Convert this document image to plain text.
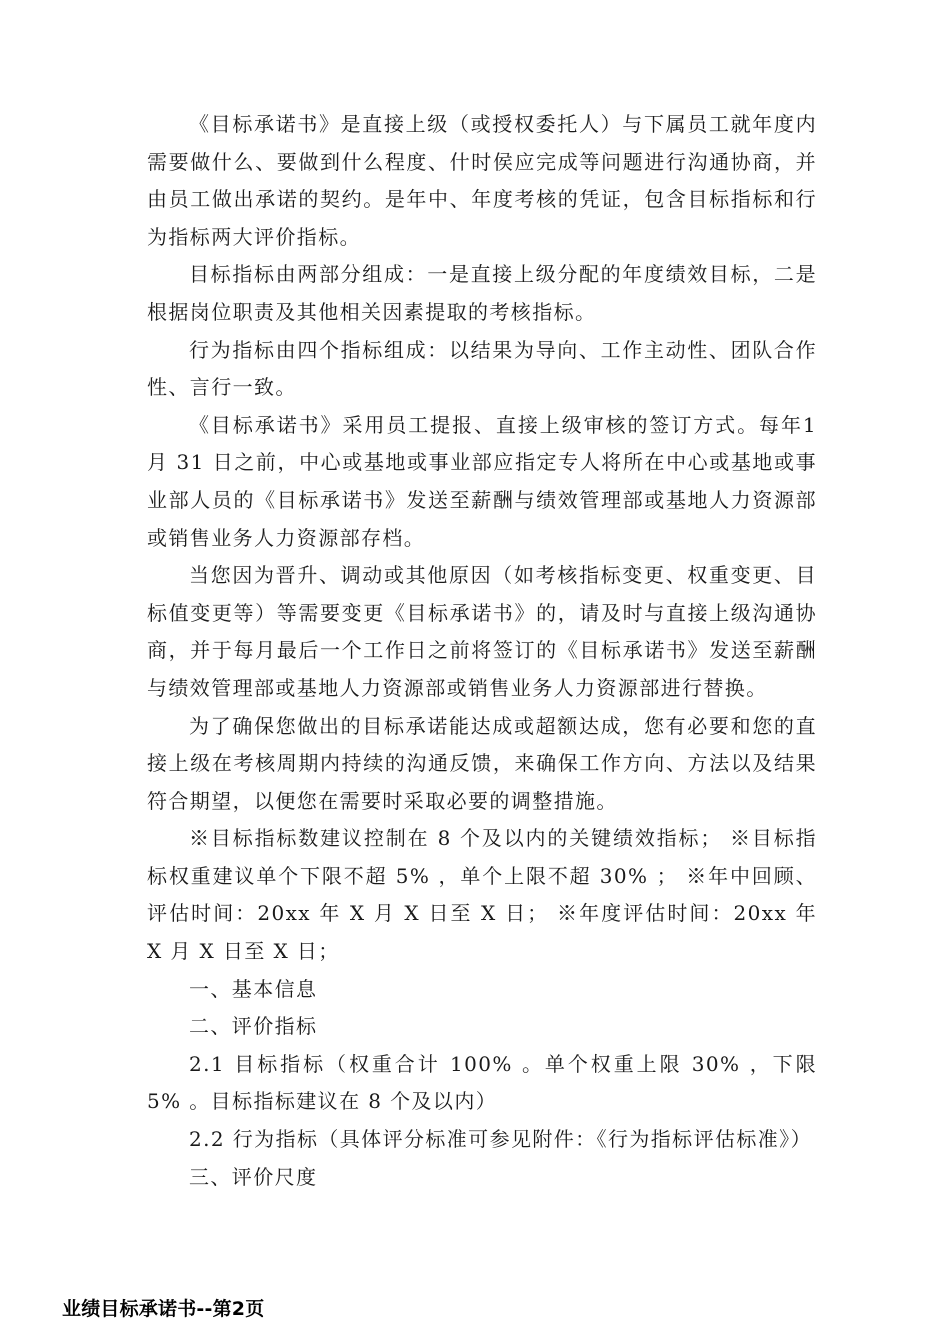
《目标承诺书》是直接上级（或授权委托人）与下属员工就年度内需要做什么、要做到什么程度、什时侯应完成等问题进行沟通协商，并由员工做出承诺的契约。是年中、年度考核的凭证，包含目标指标和行为指标两大评价指标。

目标指标由两部分组成：一是直接上级分配的年度绩效目标，二是根据岗位职责及其他相关因素提取的考核指标。

行为指标由四个指标组成：以结果为导向、工作主动性、团队合作性、言行一致。

《目标承诺书》采用员工提报、直接上级审核的签订方式。每年1月 31 日之前，中心或基地或事业部应指定专人将所在中心或基地或事业部人员的《目标承诺书》发送至薪酬与绩效管理部或基地人力资源部或销售业务人力资源部存档。

当您因为晋升、调动或其他原因（如考核指标变更、权重变更、目标值变更等）等需要变更《目标承诺书》的，请及时与直接上级沟通协商，并于每月最后一个工作日之前将签订的《目标承诺书》发送至薪酬与绩效管理部或基地人力资源部或销售业务人力资源部进行替换。

为了确保您做出的目标承诺能达成或超额达成，您有必要和您的直接上级在考核周期内持续的沟通反馈，来确保工作方向、方法以及结果符合期望，以便您在需要时采取必要的调整措施。

※目标指标数建议控制在 8 个及以内的关键绩效指标； ※目标指标权重建议单个下限不超 5% ，单个上限不超 30% ； ※年中回顾、评估时间：20xx 年 X 月 X 日至 X 日； ※年度评估时间：20xx 年 X 月 X 日至 X 日；

一、基本信息

二、评价指标

2.1 目标指标（权重合计 100% 。单个权重上限 30% ，下限 5% 。目标指标建议在 8 个及以内）

2.2 行为指标（具体评分标准可参见附件：《行为指标评估标准》）

三、评价尺度

业绩目标承诺书--第2页
